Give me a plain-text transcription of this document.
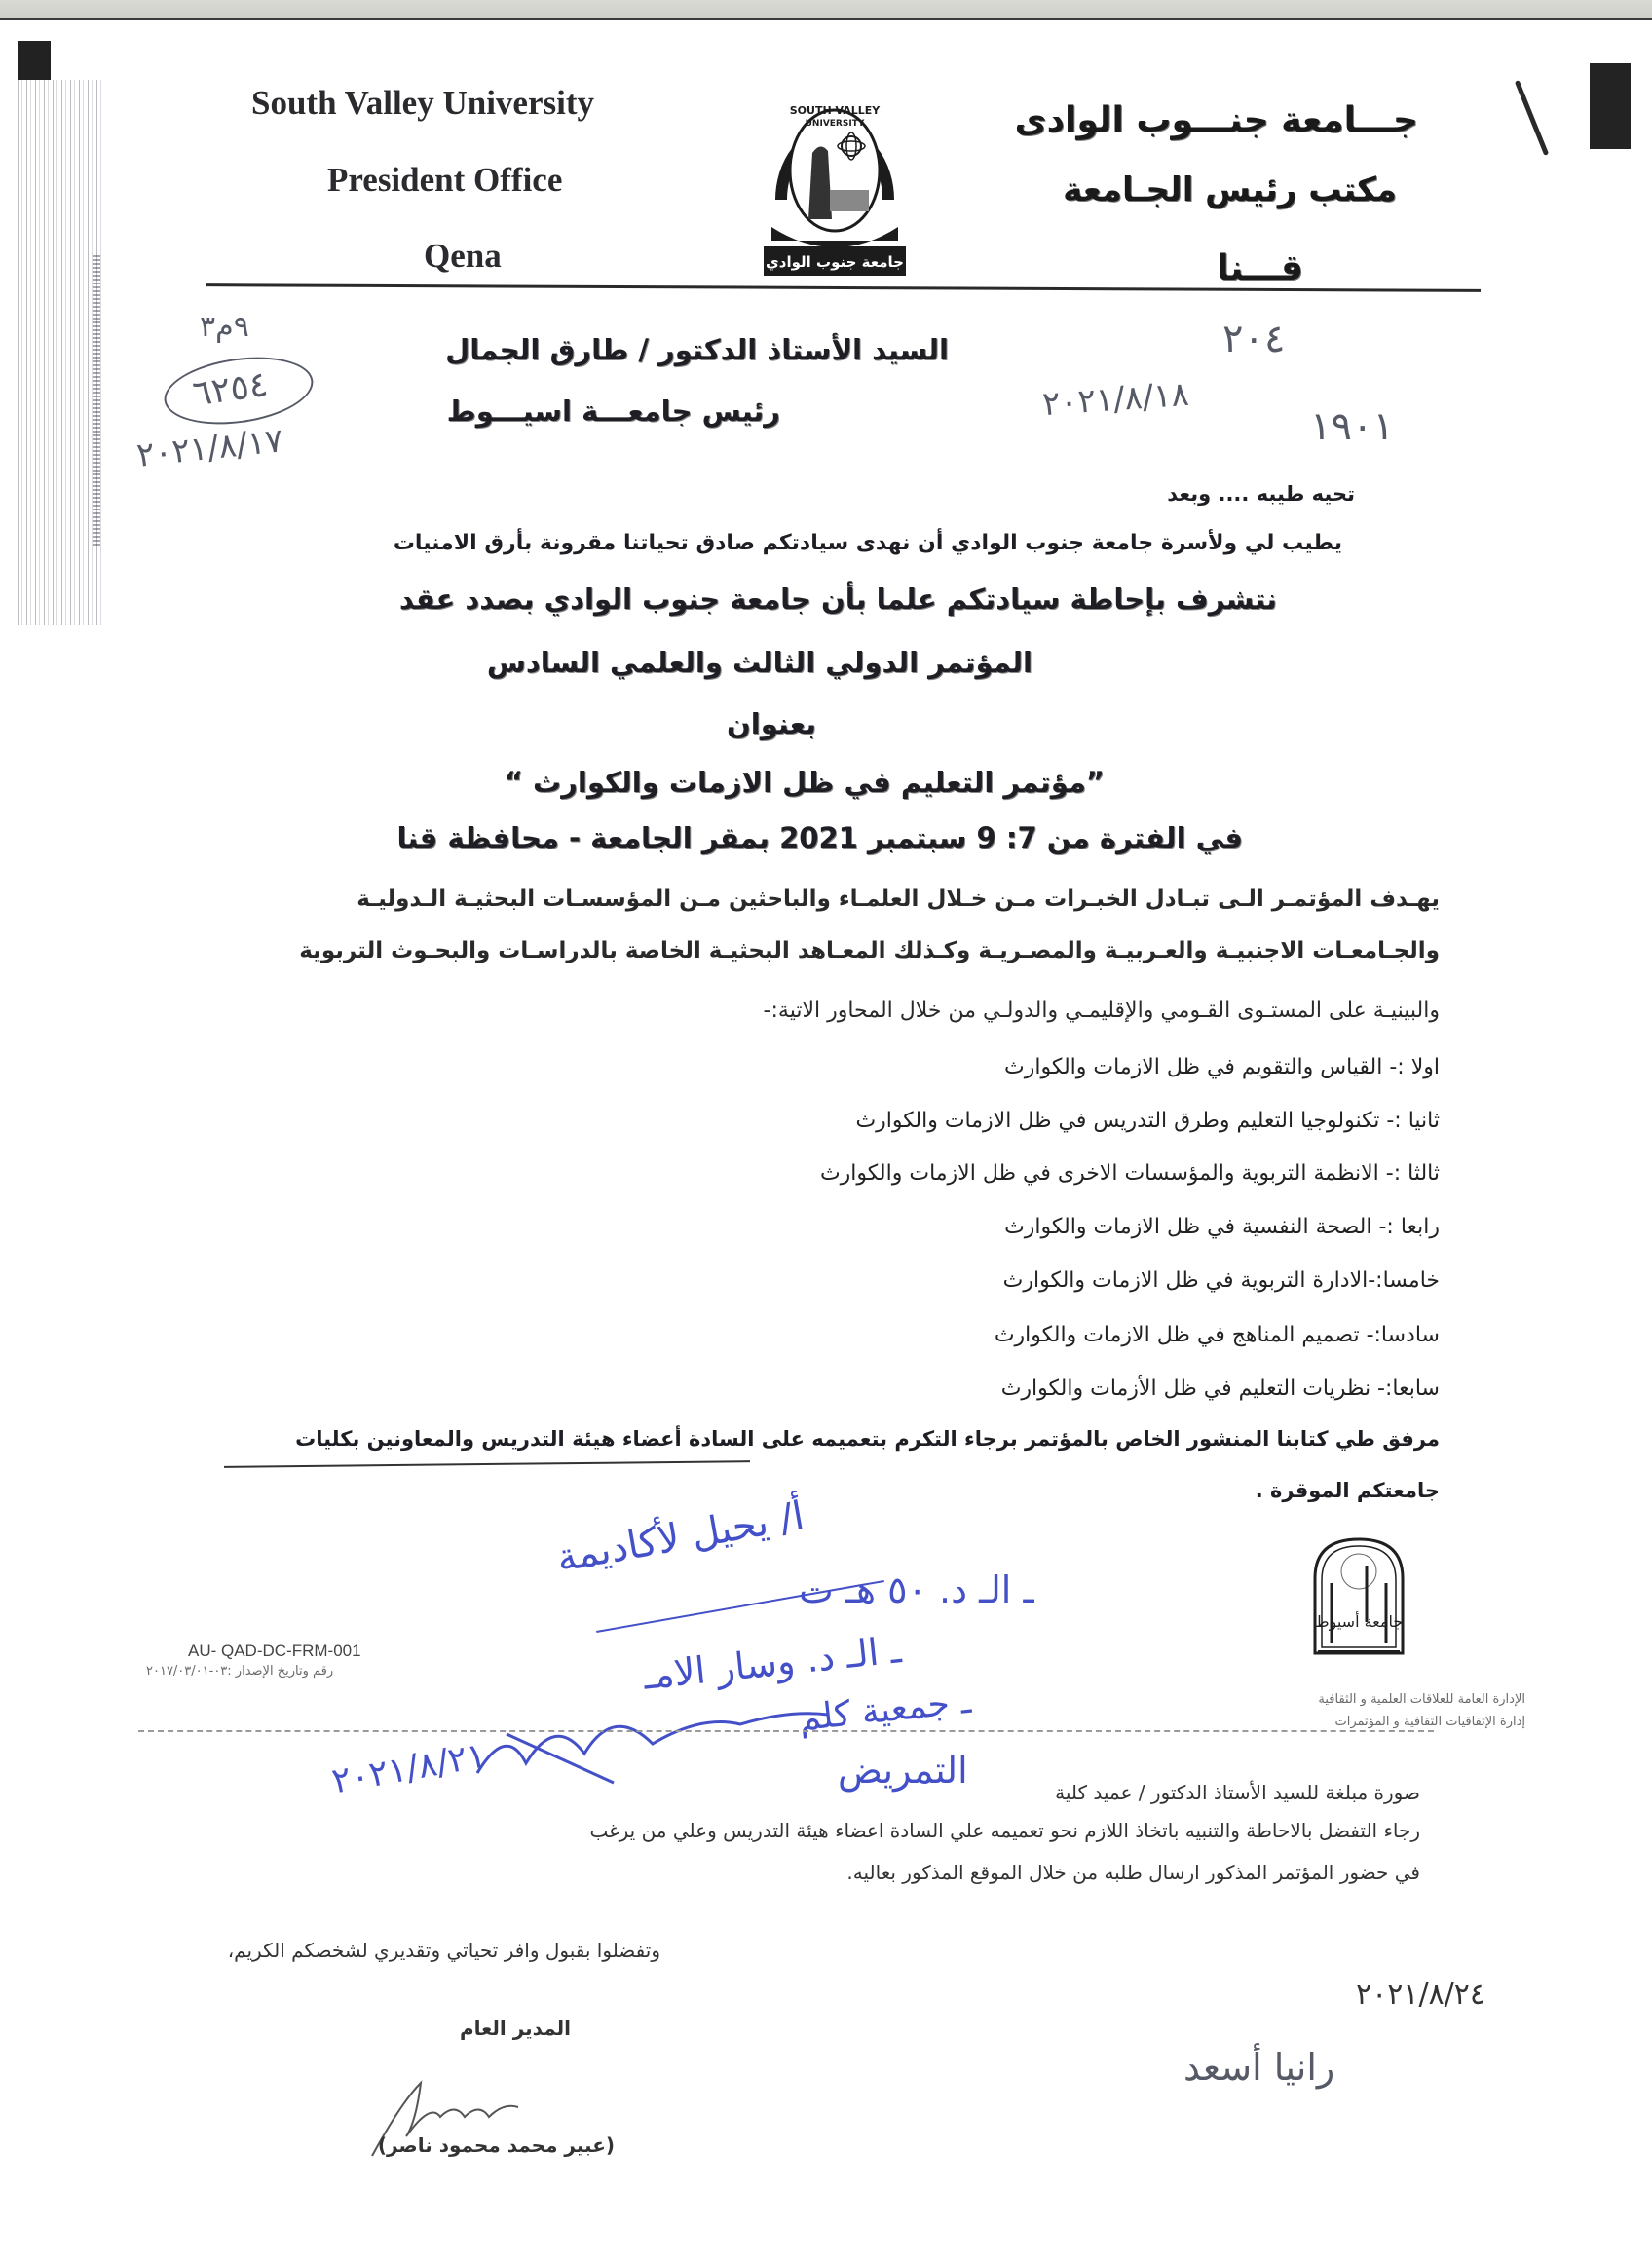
South Valley University
President Office
Qena
SOUTH VALLEY
UNIVERSITY
جامعة جنوب الوادي
جـــامعة جنـــوب الوادى
مكتب رئيس الجـامعة
قـــنا
٩م٣
٦٢٥٤
٢٠٢١/٨/١٧
٢٠٤
٢٠٢١/٨/١٨
١٩٠١
السيد الأستاذ الدكتور / طارق الجمال
رئيس جامعـــة اسيـــوط
تحيه طيبه .... وبعد
يطيب لي ولأسرة جامعة جنوب الوادي أن نهدى سيادتكم صادق تحياتنا مقرونة بأرق الامنيات
نتشرف بإحاطة سيادتكم علما بأن جامعة جنوب الوادي بصدد عقد
المؤتمر الدولي الثالث والعلمي السادس
بعنوان
”مؤتمر التعليم في ظل الازمات والكوارث “
في الفترة من 7: 9 سبتمبر 2021 بمقر الجامعة - محافظة قنا
يهـدف المؤتمـر الـى تبـادل الخبـرات مـن خـلال العلمـاء والباحثين مـن المؤسسـات البحثيـة الـدوليـة
والجـامعـات الاجنبيـة والعـربيـة والمصـريـة وكـذلك المعـاهد البحثيـة الخاصة بالدراسـات والبحـوث التربوية
والبينيـة على المستـوى القـومي والإقليمـي والدولـي من خلال المحاور الاتية:-
اولا :- القياس والتقويم في ظل الازمات والكوارث
ثانيا :- تكنولوجيا التعليم وطرق التدريس في ظل الازمات والكوارث
ثالثا :- الانظمة التربوية والمؤسسات الاخرى في ظل الازمات والكوارث
رابعا :- الصحة النفسية في ظل الازمات والكوارث
خامسا:-الادارة التربوية في ظل الازمات والكوارث
سادسا:- تصميم المناهج في ظل الازمات والكوارث
سابعا:- نظريات التعليم في ظل الأزمات والكوارث
مرفق طي كتابنا المنشور الخاص بالمؤتمر برجاء التكرم بتعميمه على السادة أعضاء هيئة التدريس والمعاونين بكليات
جامعتكم الموقرة .
أ/ يحيل لأكاديمة
ـ الـ د. ٥٠ هـ ت
ـ الـ د. وسار الامـ
ـ جمعية كلم
التمريض
٢٠٢١/٨/٢١
AU- QAD-DC-FRM-001
رقم وتاريخ الإصدار :٠٣-٢٠١٧/٠٣/٠١
جامعة أسيوط
الإدارة العامة للعلاقات العلمية و الثقافية
إدارة الإتفاقيات الثقافية و المؤتمرات
صورة مبلغة للسيد الأستاذ الدكتور / عميد كلية
رجاء التفضل بالاحاطة والتنبيه باتخاذ اللازم نحو تعميمه علي السادة اعضاء هيئة التدريس وعلي من يرغب
في حضور المؤتمر المذكور ارسال طلبه من خلال الموقع المذكور بعاليه.
وتفضلوا بقبول وافر تحياتي وتقديري لشخصكم الكريم،
٢٠٢١/٨/٢٤
المدير العام
(عبير محمد محمود ناصر)
رانيا أسعد
